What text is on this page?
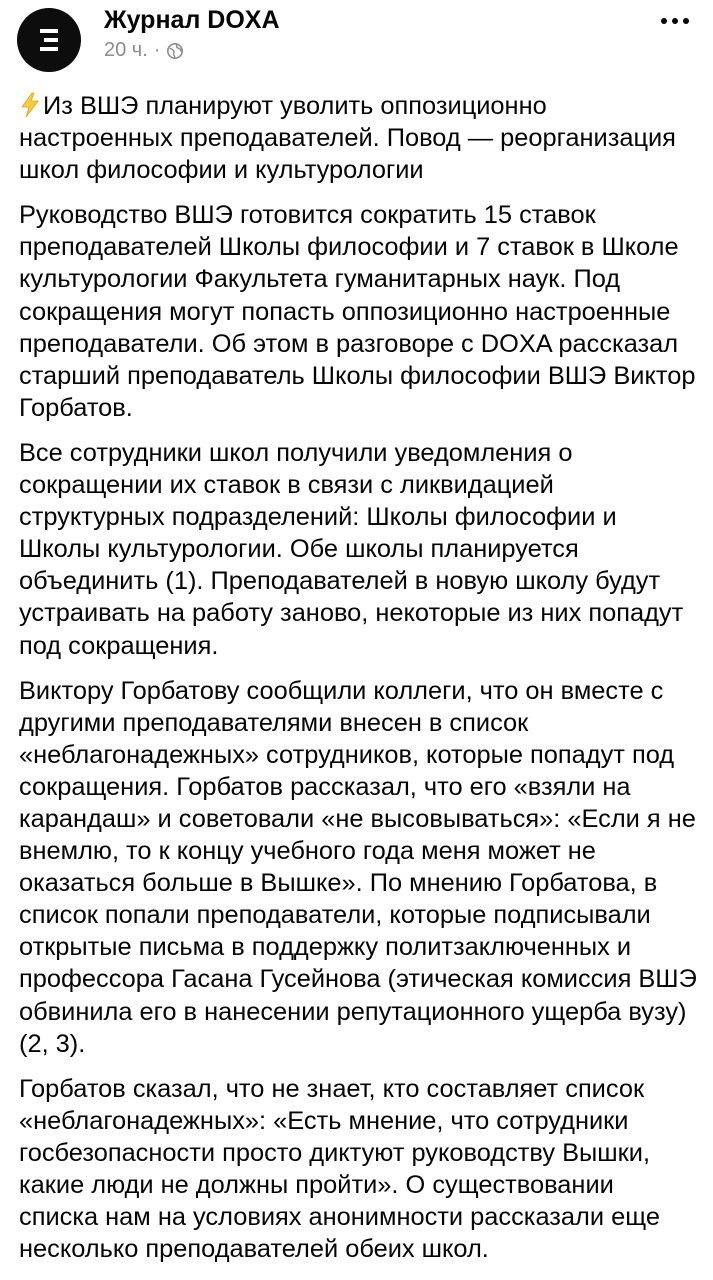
Журнал DOXA
20 ч. ·

Из ВШЭ планируют уволить оппозиционно настроенных преподавателей. Повод — реорганизация школ философии и культурологии

Руководство ВШЭ готовится сократить 15 ставок преподавателей Школы философии и 7 ставок в Школе культурологии Факультета гуманитарных наук. Под сокращения могут попасть оппозиционно настроенные преподаватели. Об этом в разговоре с DOXA рассказал старший преподаватель Школы философии ВШЭ Виктор Горбатов.

Все сотрудники школ получили уведомления о сокращении их ставок в связи с ликвидацией структурных подразделений: Школы философии и Школы культурологии. Обе школы планируется объединить (1). Преподавателей в новую школу будут устраивать на работу заново, некоторые из них попадут под сокращения.

Виктору Горбатову сообщили коллеги, что он вместе с другими преподавателями внесен в список «неблагонадежных» сотрудников, которые попадут под сокращения. Горбатов рассказал, что его «взяли на карандаш» и советовали «не высовываться»: «Если я не внемлю, то к концу учебного года меня может не оказаться больше в Вышке». По мнению Горбатова, в список попали преподаватели, которые подписывали открытые письма в поддержку политзаключенных и профессора Гасана Гусейнова (этическая комиссия ВШЭ обвинила его в нанесении репутационного ущерба вузу) (2, 3).

Горбатов сказал, что не знает, кто составляет список «неблагонадежных»: «Есть мнение, что сотрудники госбезопасности просто диктуют руководству Вышки, какие люди не должны пройти». О существовании списка нам на условиях анонимности рассказали еще несколько преподавателей обеих школ.
